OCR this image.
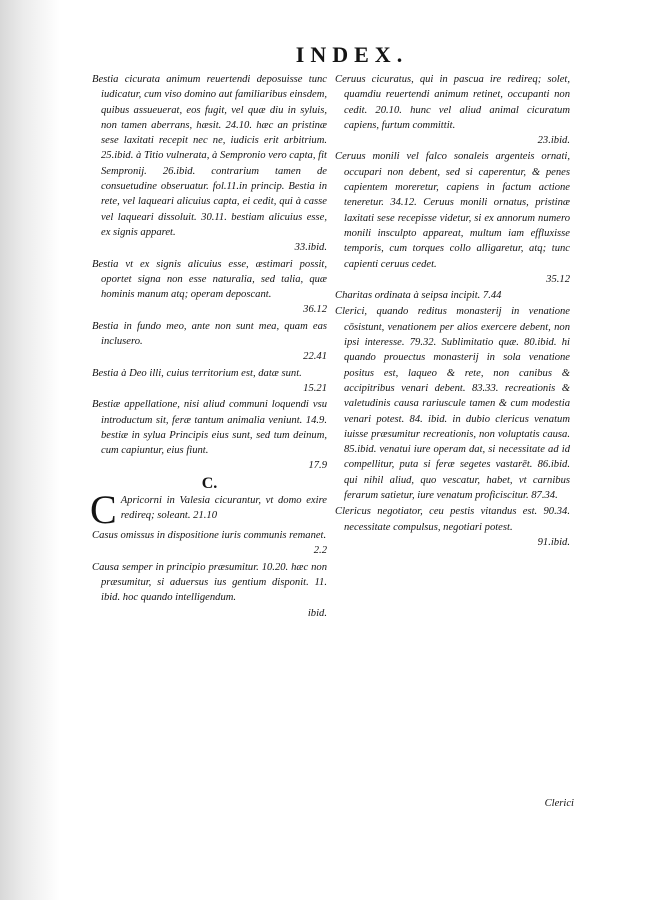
INDEX.

Bestia cicurata animum reuertendi deposuisse tunc iudicatur, cum viso domino aut familiaribus einsdem, quibus assueuerat, eos fugit, vel quæ diu in syluis, non tamen aberrans, hæsit. 24.10. hæc an pristinæ sese laxitati recepit nec ne, iudicis erit arbitrium. 25.ibid. à Titio vulnerata, à Sempronio vero capta, fit Sempronij. 26.ibid. contrarium tamen de consuetudine obseruatur. fol.11.in princip. Bestia in rete, vel laqueari alicuius capta, ei cedit, qui à casse vel laqueari dissoluit. 30.11. bestiam alicuius esse, ex signis apparet.
33.ibid.

Bestia vt ex signis alicuius esse, æstimari possit, oportet signa non esse naturalia, sed talia, quæ hominis manum atq; operam deposcant.
36.12

Bestia in fundo meo, ante non sunt mea, quam eas inclusero.
22.41

Bestia à Deo illi, cuius territorium est, datæ sunt.
15.21

Bestiæ appellatione, nisi aliud communi loquendi vsu introductum sit, feræ tantum animalia veniunt. 14.9. bestiæ in sylua Principis eius sunt, sed tum deinum, cum capiuntur, eius fiunt.
17.9

C.

C Apricorni in Valesia cicurantur, vt domo exire redireq; soleant. 21.10

Casus omissus in dispositione iuris communis remanet.
2.2

Causa semper in principio præsumitur. 10.20. hæc non præsumitur, si aduersus ius gentium disponit. 11. ibid. hoc quando intelligendum.
ibid.

Ceruus cicuratus, qui in pascua ire redireq; solet, quamdiu reuertendi animum retinet, occupanti non cedit. 20.10. hunc vel aliud animal cicuratum capiens, furtum committit.
23.ibid.

Ceruus monili vel falco sonaleis argenteis ornati, occupari non debent, sed si caperentur, & penes capientem moreretur, capiens in factum actione teneretur. 34.12. Ceruus monili ornatus, pristinæ laxitati sese recepisse videtur, si ex annorum numero monili insculpto appareat, multum iam effluxisse temporis, cum torques collo alligaretur, atq; tunc capienti ceruus cedet.
35.12

Charitas ordinata à seipsa incipit. 7.44

Clerici, quando reditus monasterij in venatione cōsistunt, venationem per alios exercere debent, non ipsi interesse. 79.32. Sublimitatio quæ. 80.ibid. hi quando prouectus monasterij in sola venatione positus est, laqueo & rete, non canibus & accipitribus venari debent. 83.33. recreationis & valetudinis causa rariuscule tamen & cum modestia venari potest. 84. ibid. in dubio clericus venatum iuisse præsumitur recreationis, non voluptatis causa. 85.ibid. venatui iure operam dat, si necessitate ad id compellitur, puta si feræ segetes vastarēt. 86.ibid. qui nihil aliud, quo vescatur, habet, vt carnibus ferarum satietur, iure venatum proficiscitur. 87.34.

Clericus negotiator, ceu pestis vitandus est. 90.34. necessitate compulsus, negotiari potest.
91.ibid.

Clerici
